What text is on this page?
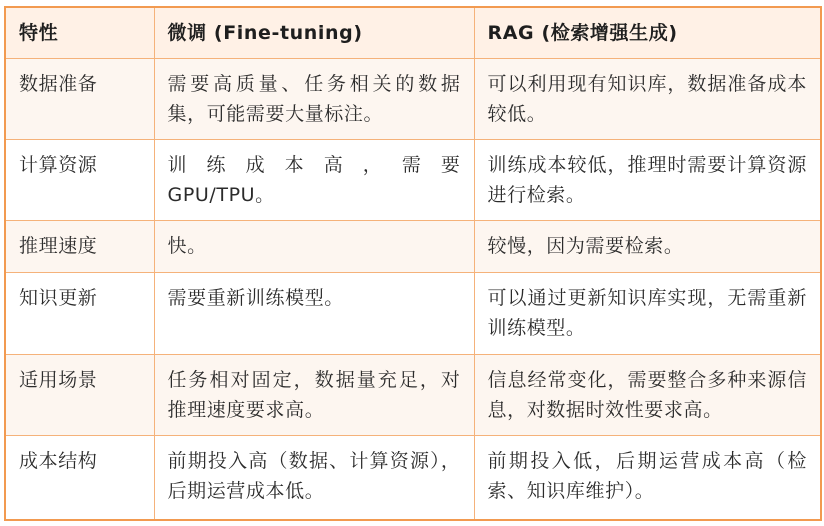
特性	微调 (Fine-tuning)	RAG (检索增强生成)
数据准备	需要高质量、任务相关的数据集，可能需要大量标注。	可以利用现有知识库，数据准备成本较低。
计算资源	训 练 成 本 高 ， 需 要 GPU/TPU。	训练成本较低，推理时需要计算资源进行检索。
推理速度	快。	较慢，因为需要检索。
知识更新	需要重新训练模型。	可以通过更新知识库实现，无需重新训练模型。
适用场景	任务相对固定，数据量充足，对推理速度要求高。	信息经常变化，需要整合多种来源信息，对数据时效性要求高。
成本结构	前期投入高（数据、计算资源），后期运营成本低。	前期投入低，后期运营成本高（检索、知识库维护）。
